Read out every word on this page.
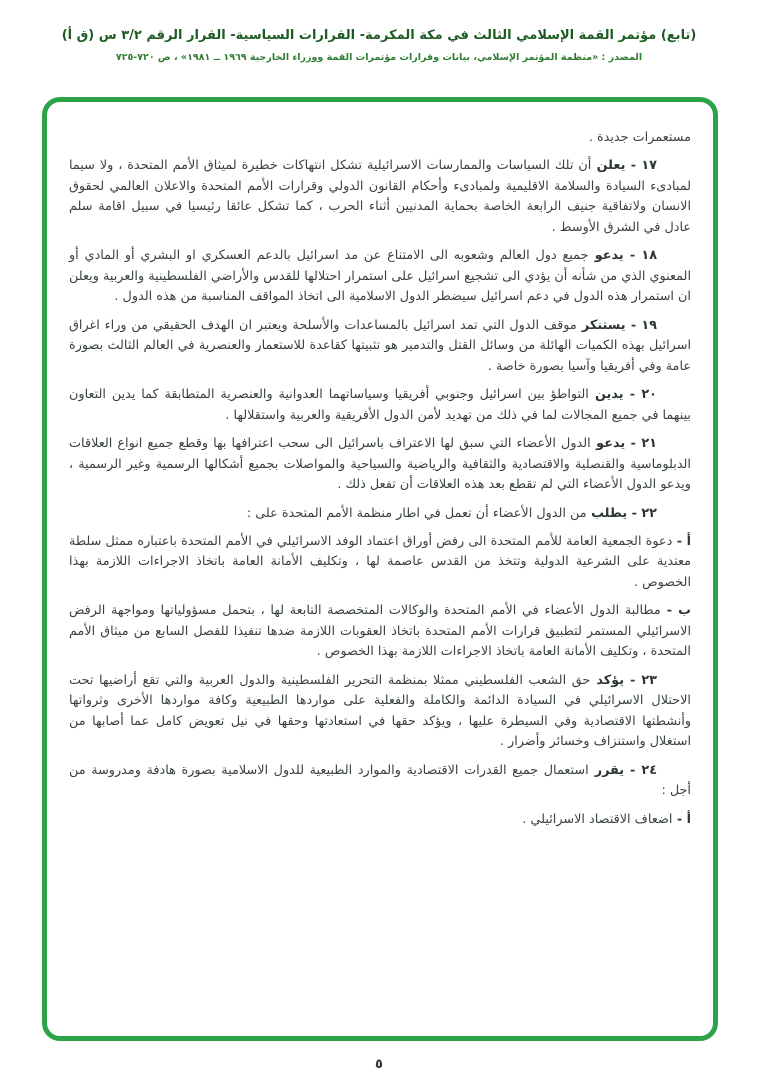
(تابع) مؤتمر القمة الإسلامي الثالث في مكة المكرمة- القرارات السياسية- القرار الرقم ٣/٢ س (ق أ)
المصدر : «منظمة المؤتمر الإسلامي، بيانات وقرارات مؤتمرات القمة ووزراء الخارجية ١٩٦٩ ــ ١٩٨١» ، ص ٧٢٠-٧٢٥

مستعمرات جديدة .

١٧ - يعلن أن تلك السياسات والممارسات الاسرائيلية تشكل انتهاكات خطيرة لميثاق الأمم المتحدة ، ولا سيما لمبادىء السيادة والسلامة الاقليمية ولمبادىء وأحكام القانون الدولي وقرارات الأمم المتحدة والاعلان العالمي لحقوق الانسان ولاتفاقية جنيف الرابعة الخاصة بحماية المدنيين أثناء الحرب ، كما تشكل عائقا رئيسيا في سبيل اقامة سلم عادل في الشرق الأوسط .

١٨ - يدعو جميع دول العالم وشعوبه الى الامتناع عن مد اسرائيل بالدعم العسكري او البشري أو المادي أو المعنوي الذي من شأنه أن يؤدي الى تشجيع اسرائيل على استمرار احتلالها للقدس والأراضي الفلسطينية والعربية ويعلن ان استمرار هذه الدول في دعم اسرائيل سيضطر الدول الاسلامية الى اتخاذ المواقف المناسبة من هذه الدول .

١٩ - يستنكر موقف الدول التي تمد اسرائيل بالمساعدات والأسلحة ويعتبر ان الهدف الحقيقي من وراء اغراق اسرائيل بهذه الكميات الهائلة من وسائل القتل والتدمير هو تثبيتها كقاعدة للاستعمار والعنصرية في العالم الثالث بصورة عامة وفي أفريقيا وآسيا بصورة خاصة .

٢٠ - يدين التواطؤ بين اسرائيل وجنوبي أفريقيا وسياساتهما العدوانية والعنصرية المتطابقة كما يدين التعاون بينهما في جميع المجالات لما في ذلك من تهديد لأمن الدول الأفريقية والعربية واستقلالها .

٢١ - يدعو الدول الأعضاء التي سبق لها الاعتراف باسرائيل الى سحب اعترافها بها وقطع جميع انواع العلاقات الدبلوماسية والقنصلية والاقتصادية والثقافية والرياضية والسياحية والمواصلات بجميع أشكالها الرسمية وغير الرسمية ، ويدعو الدول الأعضاء التي لم تقطع بعد هذه العلاقات أن تفعل ذلك .

٢٢ - يطلب من الدول الأعضاء أن تعمل في اطار منظمة الأمم المتحدة على :

أ - دعوة الجمعية العامة للأمم المتحدة الى رفض أوراق اعتماد الوفد الاسرائيلي في الأمم المتحدة باعتباره ممثل سلطة معتدية على الشرعية الدولية وتتخذ من القدس عاصمة لها ، وتكليف الأمانة العامة باتخاذ الاجراءات اللازمة بهذا الخصوص .

ب - مطالبة الدول الأعضاء في الأمم المتحدة والوكالات المتخصصة التابعة لها ، بتحمل مسؤولياتها ومواجهة الرفض الاسرائيلي المستمر لتطبيق قرارات الأمم المتحدة باتخاذ العقوبات اللازمة ضدها تنفيذا للفصل السابع من ميثاق الأمم المتحدة ، وتكليف الأمانة العامة باتخاذ الاجراءات اللازمة بهذا الخصوص .

٢٣ - يؤكد حق الشعب الفلسطيني ممثلا بمنظمة التحرير الفلسطينية والدول العربية والتي تقع أراضيها تحت الاحتلال الاسرائيلي في السيادة الدائمة والكاملة والفعلية على مواردها الطبيعية وكافة مواردها الأخرى وثرواتها وأنشطتها الاقتصادية وفي السيطرة عليها ، ويؤكد حقها في استعادتها وحقها في نيل تعويض كامل عما أصابها من استغلال واستنزاف وخسائر وأضرار .

٢٤ - يقرر استعمال جميع القدرات الاقتصادية والموارد الطبيعية للدول الاسلامية بصورة هادفة ومدروسة من أجل :

أ - اضعاف الاقتصاد الاسرائيلي .

٥
